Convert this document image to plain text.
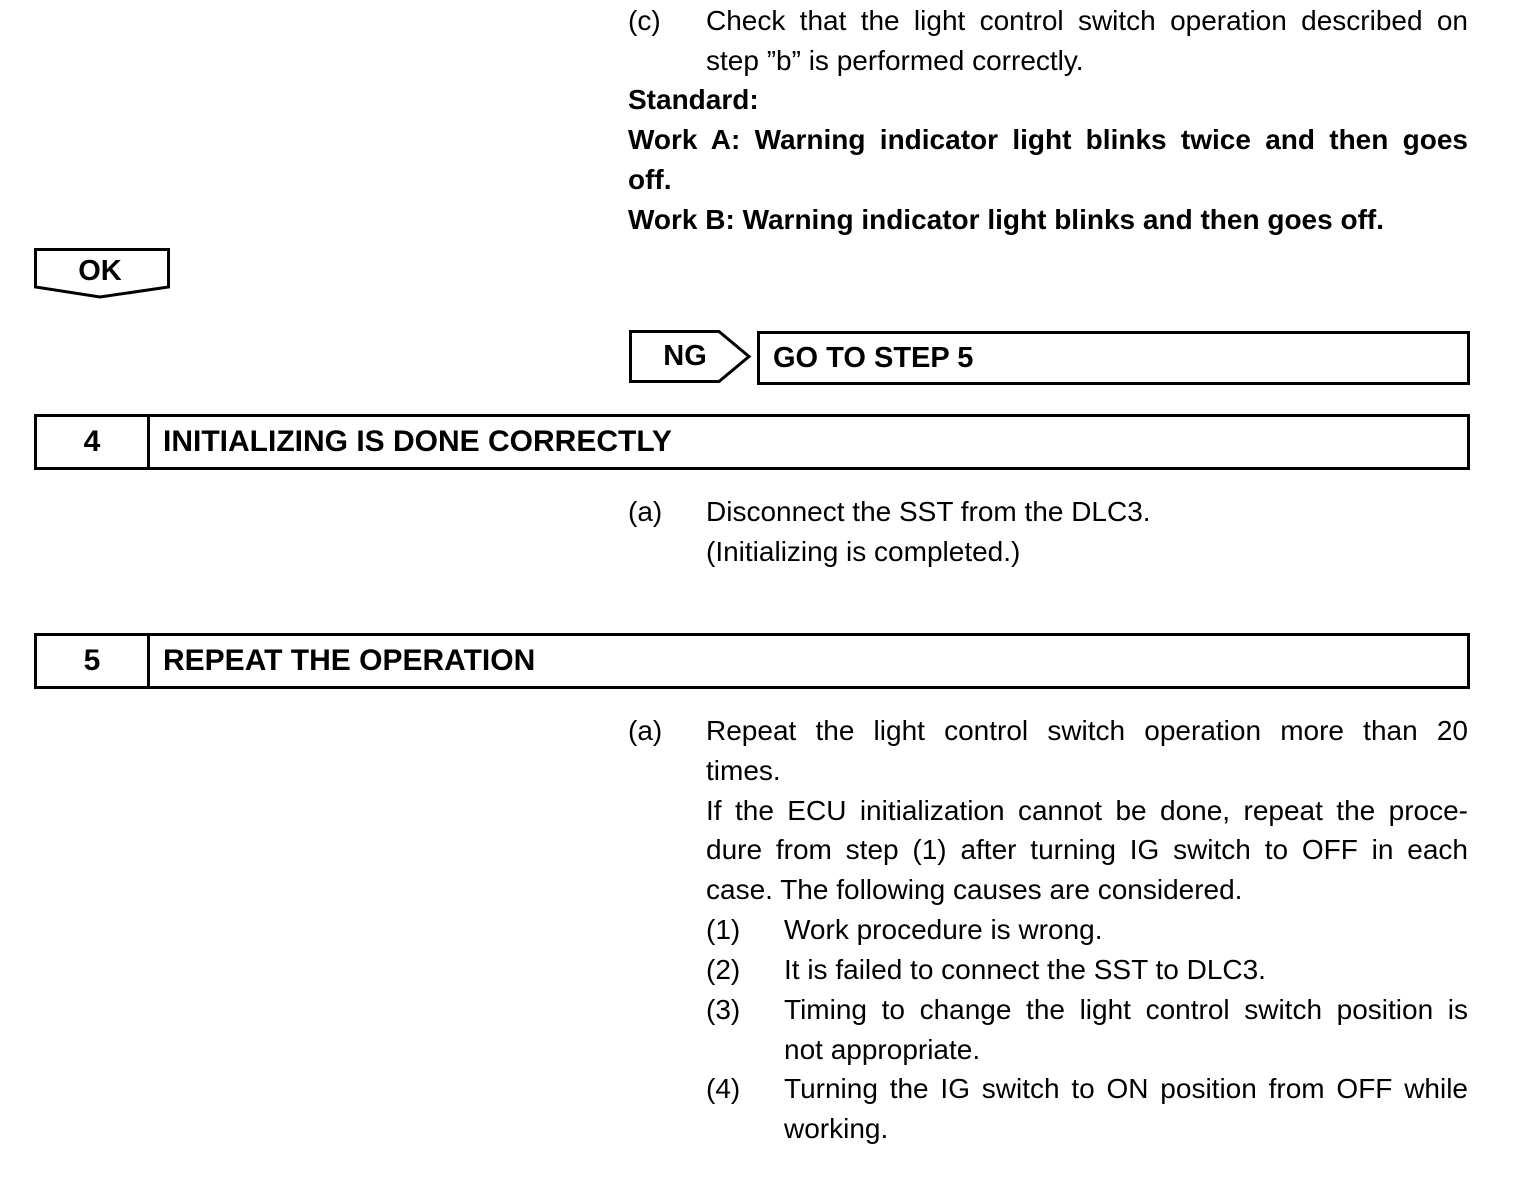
(c) Check that the light control switch operation described on
step ”b” is performed correctly.
Standard:
Work A: Warning indicator light blinks twice and then goes
off.
Work B: Warning indicator light blinks and then goes off.
OK
NG	GO TO STEP 5
4	INITIALIZING IS DONE CORRECTLY
(a) Disconnect the SST from the DLC3.
(Initializing is completed.)
5	REPEAT THE OPERATION
(a) Repeat the light control switch operation more than 20
times.
If the ECU initialization cannot be done, repeat the proce-
dure from step (1) after turning IG switch to OFF in each
case. The following causes are considered.
(1) Work procedure is wrong.
(2) It is failed to connect the SST to DLC3.
(3) Timing to change the light control switch position is
not appropriate.
(4) Turning the IG switch to ON position from OFF while
working.
